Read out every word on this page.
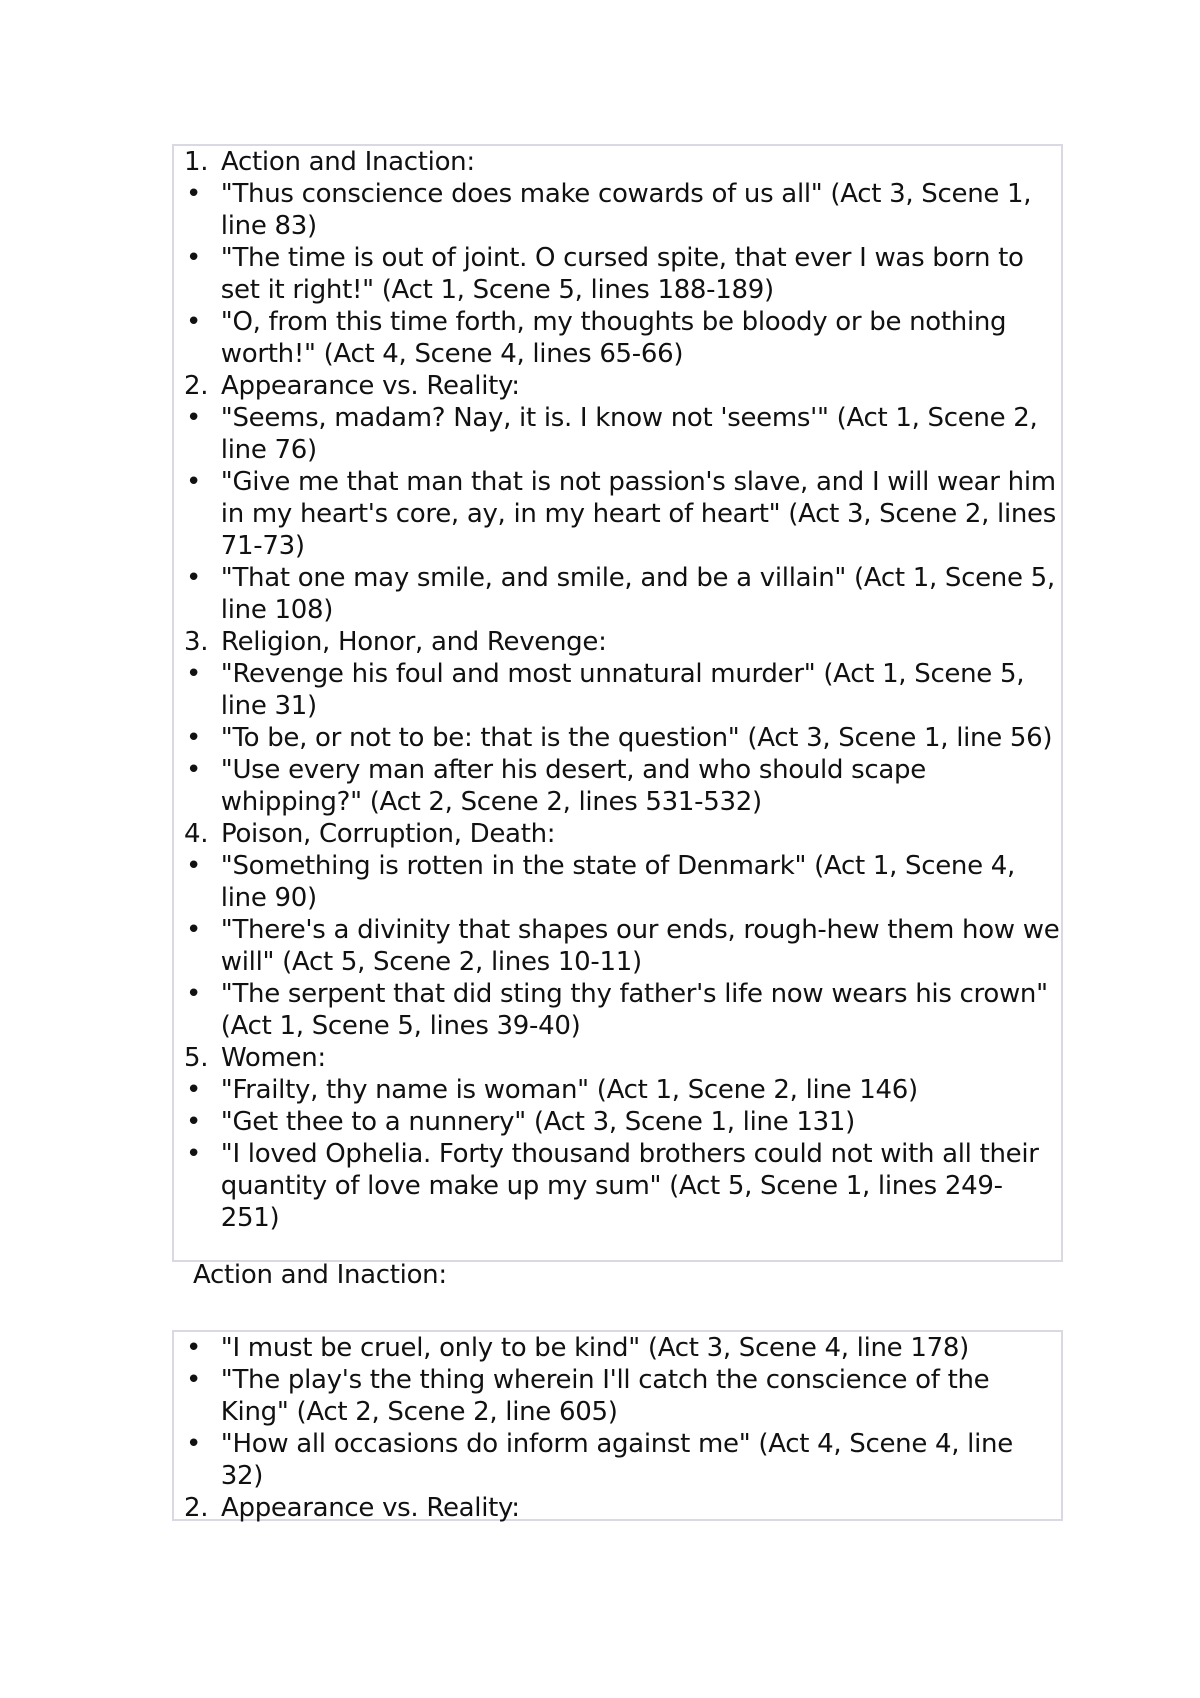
1. Action and Inaction:
• "Thus conscience does make cowards of us all" (Act 3, Scene 1, line 83)
• "The time is out of joint. O cursed spite, that ever I was born to set it right!" (Act 1, Scene 5, lines 188-189)
• "O, from this time forth, my thoughts be bloody or be nothing worth!" (Act 4, Scene 4, lines 65-66)
2. Appearance vs. Reality:
• "Seems, madam? Nay, it is. I know not 'seems'" (Act 1, Scene 2, line 76)
• "Give me that man that is not passion's slave, and I will wear him in my heart's core, ay, in my heart of heart" (Act 3, Scene 2, lines 71-73)
• "That one may smile, and smile, and be a villain" (Act 1, Scene 5, line 108)
3. Religion, Honor, and Revenge:
• "Revenge his foul and most unnatural murder" (Act 1, Scene 5, line 31)
• "To be, or not to be: that is the question" (Act 3, Scene 1, line 56)
• "Use every man after his desert, and who should scape whipping?" (Act 2, Scene 2, lines 531-532)
4. Poison, Corruption, Death:
• "Something is rotten in the state of Denmark" (Act 1, Scene 4, line 90)
• "There's a divinity that shapes our ends, rough-hew them how we will" (Act 5, Scene 2, lines 10-11)
• "The serpent that did sting thy father's life now wears his crown" (Act 1, Scene 5, lines 39-40)
5. Women:
• "Frailty, thy name is woman" (Act 1, Scene 2, line 146)
• "Get thee to a nunnery" (Act 3, Scene 1, line 131)
• "I loved Ophelia. Forty thousand brothers could not with all their quantity of love make up my sum" (Act 5, Scene 1, lines 249-251)
Action and Inaction:
• "I must be cruel, only to be kind" (Act 3, Scene 4, line 178)
• "The play's the thing wherein I'll catch the conscience of the King" (Act 2, Scene 2, line 605)
• "How all occasions do inform against me" (Act 4, Scene 4, line 32)
2. Appearance vs. Reality:
